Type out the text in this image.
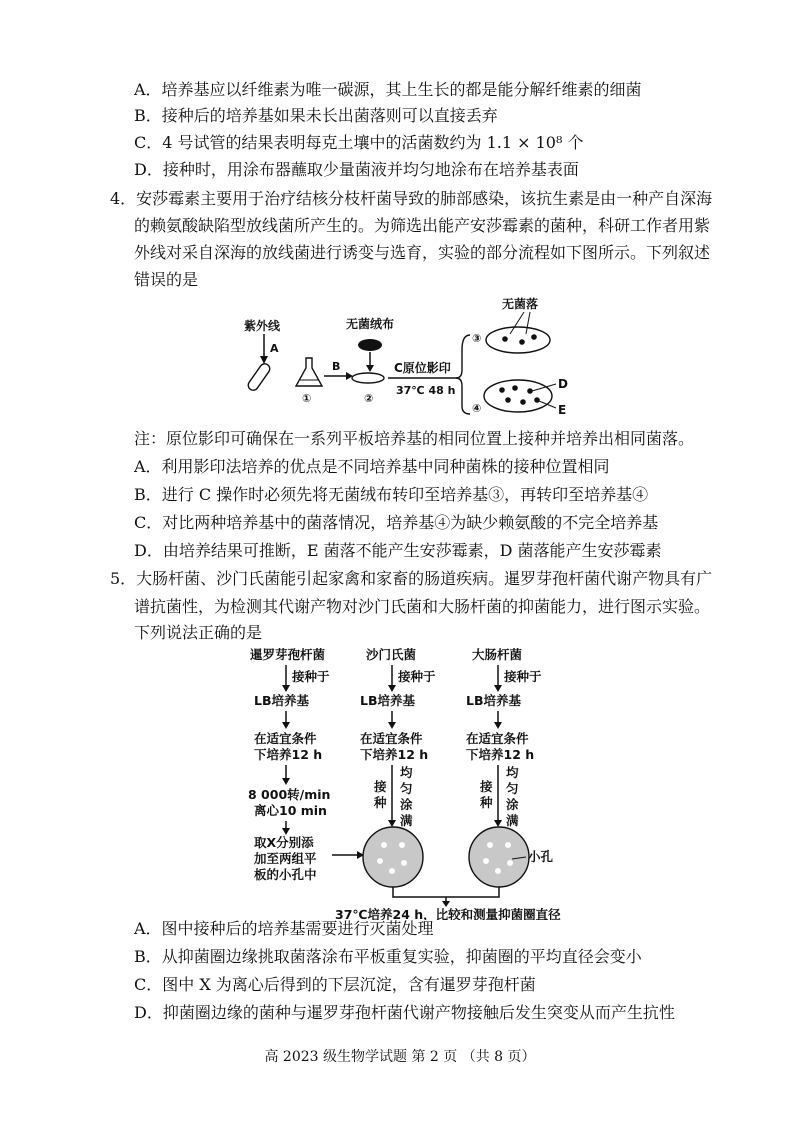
A．培养基应以纤维素为唯一碳源，其上生长的都是能分解纤维素的细菌
B．接种后的培养基如果未长出菌落则可以直接丢弃
C．4 号试管的结果表明每克土壤中的活菌数约为 1.1 × 10⁸ 个
D．接种时，用涂布器蘸取少量菌液并均匀地涂布在培养基表面
4．安莎霉素主要用于治疗结核分枝杆菌导致的肺部感染，该抗生素是由一种产自深海
的赖氨酸缺陷型放线菌所产生的。为筛选出能产安莎霉素的菌种，科研工作者用紫
外线对采自深海的放线菌进行诱变与选育，实验的部分流程如下图所示。下列叙述
错误的是
紫外线
A
①
B
无菌绒布
②
C原位影印
37℃ 48 h
③
无菌落
④
D
E
注：原位影印可确保在一系列平板培养基的相同位置上接种并培养出相同菌落。
A．利用影印法培养的优点是不同培养基中同种菌株的接种位置相同
B．进行 C 操作时必须先将无菌绒布转印至培养基③，再转印至培养基④
C．对比两种培养基中的菌落情况，培养基④为缺少赖氨酸的不完全培养基
D．由培养结果可推断，E 菌落不能产生安莎霉素，D 菌落能产生安莎霉素
5．大肠杆菌、沙门氏菌能引起家禽和家畜的肠道疾病。暹罗芽孢杆菌代谢产物具有广
谱抗菌性，为检测其代谢产物对沙门氏菌和大肠杆菌的抑菌能力，进行图示实验。
下列说法正确的是
暹罗芽孢杆菌	沙门氏菌	大肠杆菌
接种于
LB培养基
在适宜条件
下培养12 h
8 000转/min
离心10 min
取X分别添
加至两组平
板的小孔中
接种于
LB培养基
在适宜条件
下培养12 h
接
种
均
匀
涂
满
接种于
LB培养基
在适宜条件
下培养12 h
接
种
均
匀
涂
满
小孔
37℃培养24 h，比较和测量抑菌圈直径
A．图中接种后的培养基需要进行灭菌处理
B．从抑菌圈边缘挑取菌落涂布平板重复实验，抑菌圈的平均直径会变小
C．图中 X 为离心后得到的下层沉淀，含有暹罗芽孢杆菌
D．抑菌圈边缘的菌种与暹罗芽孢杆菌代谢产物接触后发生突变从而产生抗性
高 2023 级生物学试题 第 2 页 （共 8 页）
